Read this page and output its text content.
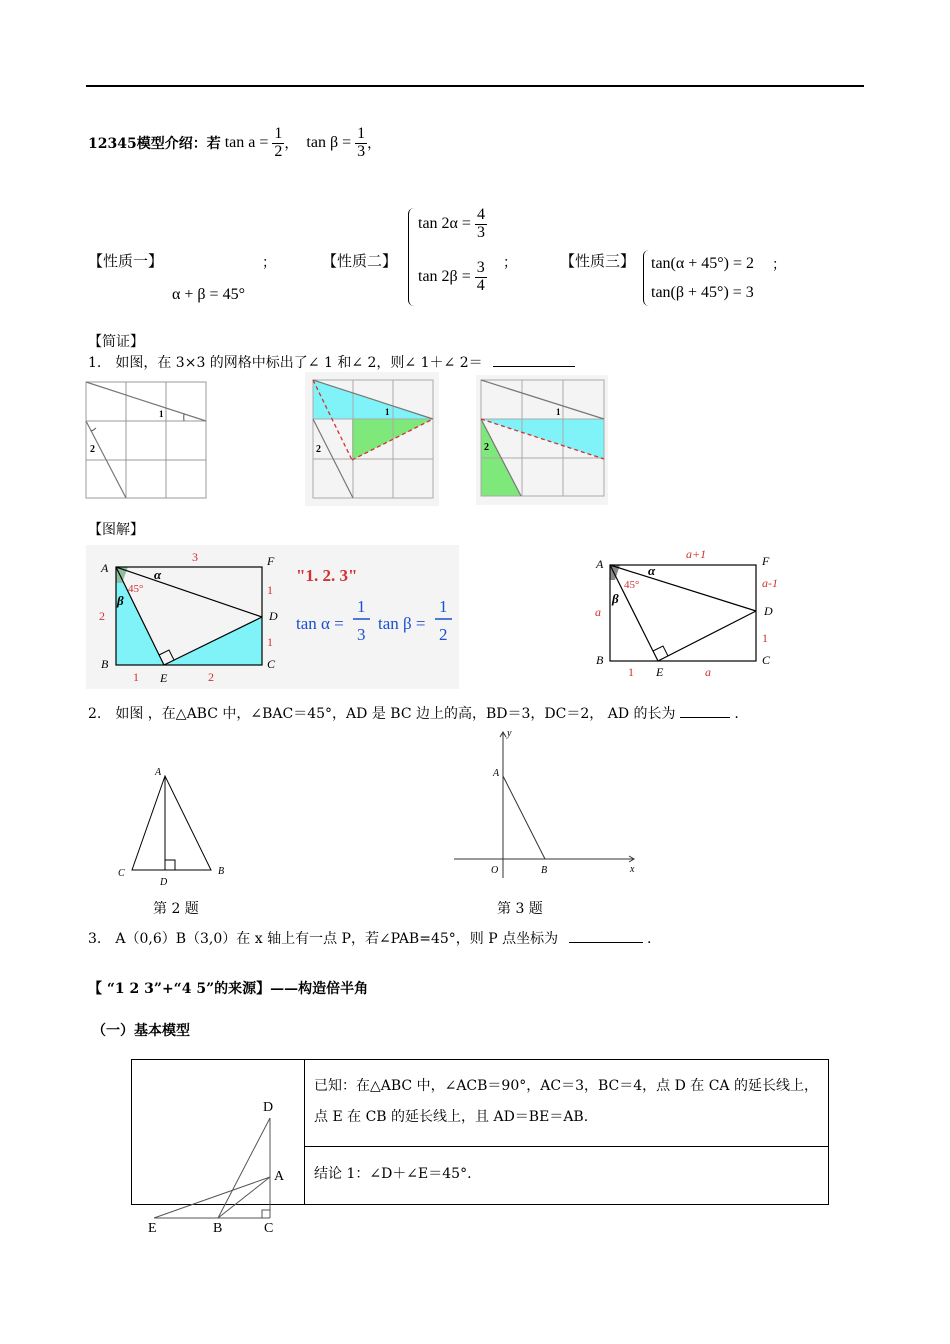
12345模型介绍：若 $\tan a = \frac{1}{2}$ ， $\tan \beta = \frac{1}{3}$ ，
【性质一】	；
α + β = 45°
【性质二】
$\tan 2\alpha = \frac{4}{3}$
$\tan 2\beta = \frac{3}{4}$ ；	【性质三】 tan(α + 45°) = 2
tan(β + 45°) = 3
；
【简证】
1.　如图，在 3×3 的网格中标出了∠ 1 和∠ 2，则∠ 1＋∠ 2＝
1
2
1
2
1
2
【图解】
A
B	C
D
E
F
3
2
1
1
1	2
45°
α
β
"1. 2. 3"
tan α =
1
3
tan β =
1
2
A
B	C
D
E
F
a+1
a
a-1
1
1	a
45°
α
β
2.　如图 ，在△ABC 中，∠BAC＝45°，AD 是 BC 边上的高，BD＝3，DC＝2， AD 的长为	.
A
C	B
D
第 2 题
y
x
A
O	B
第 3 题
3.　A（0,6）B（3,0）在 x 轴上有一点 P，若∠PAB=45°，则 P 点坐标为	.
【 “1 2 3”+“4 5”的来源】——构造倍半角
（一）基本模型
已知：在△ABC 中，∠ACB＝90°，AC＝3，BC＝4，点 D 在 CA 的延长线上，点 E 在 CB 的延长线上，且 AD＝BE＝AB.
结论 1：∠D＋∠E＝45°.
D
A
E	B	C
